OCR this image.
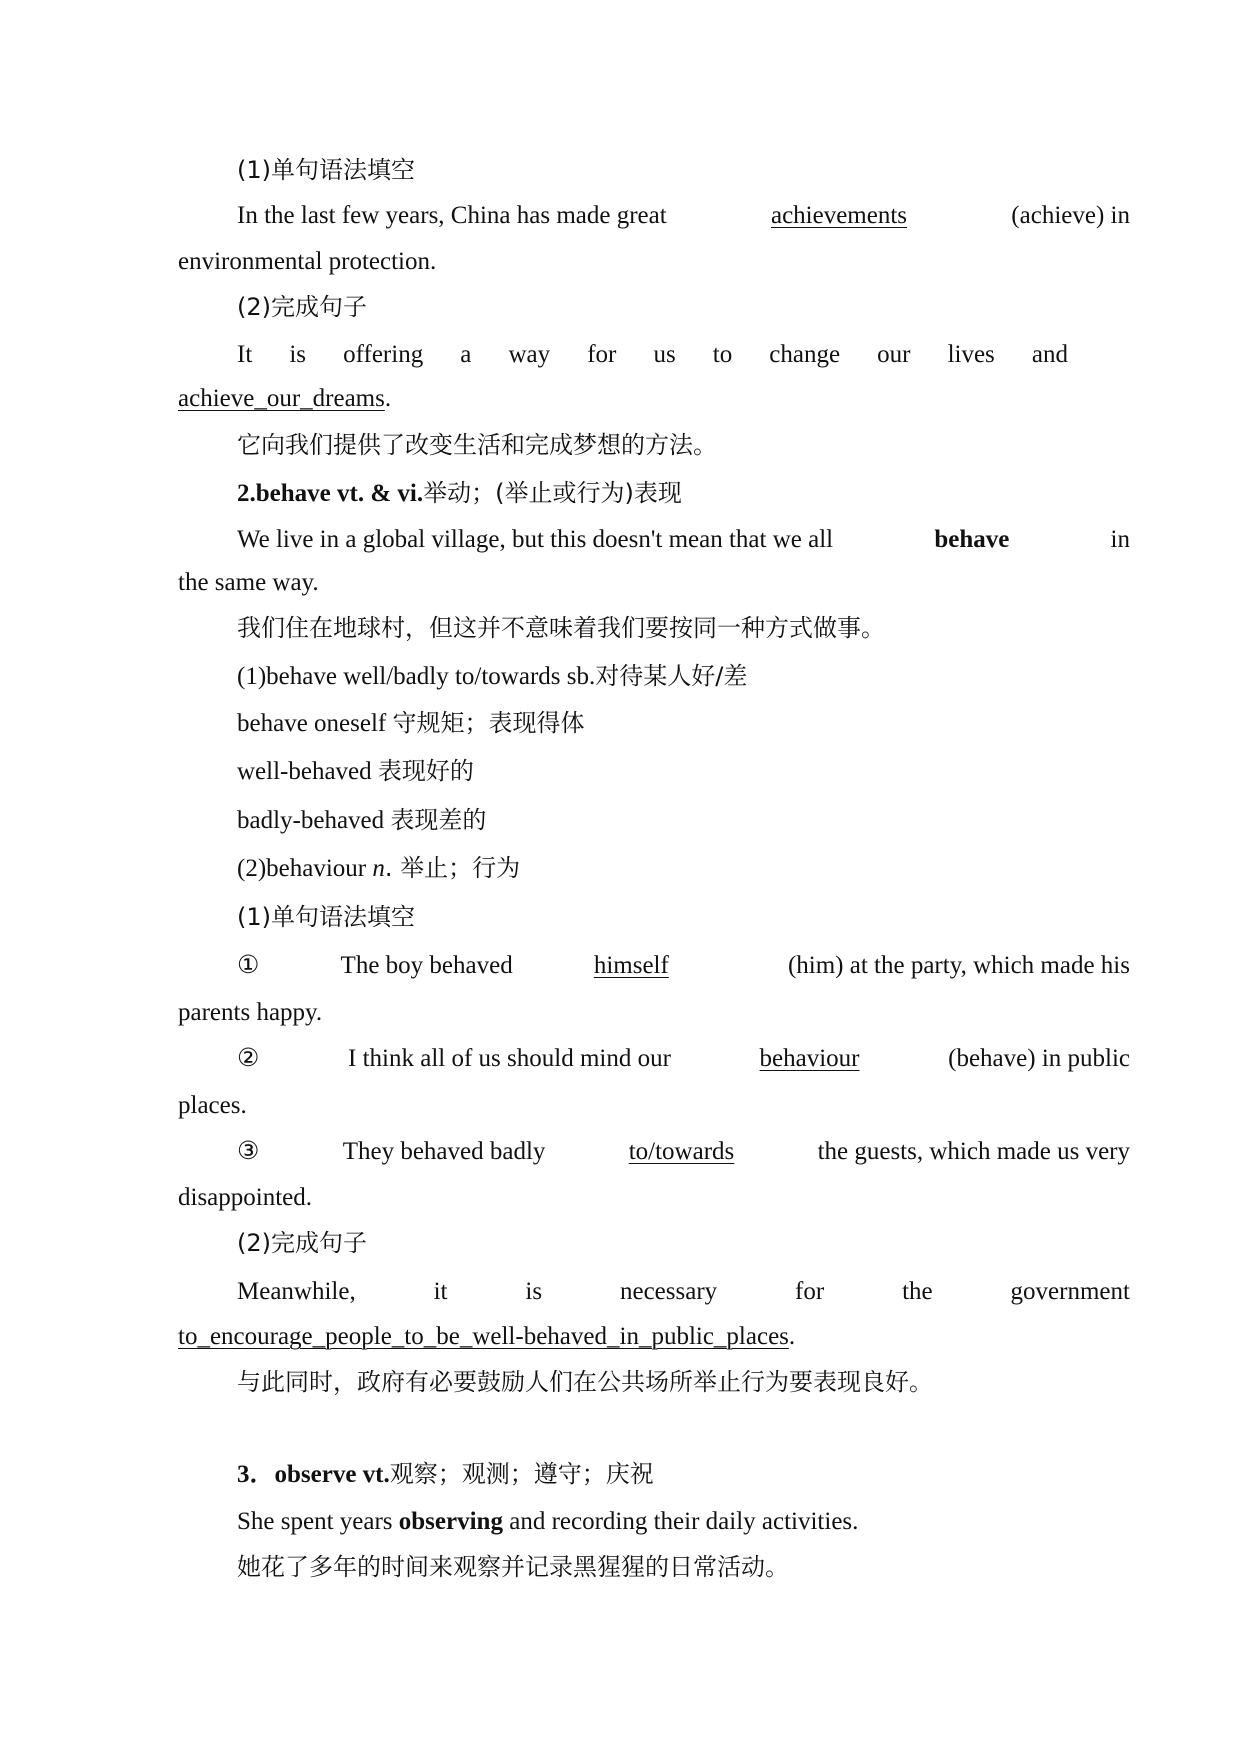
(1)单句语法填空
In the last few years, China has made great	achievements	(achieve) in
environmental protection.
(2)完成句子
It is offering a way for us to change our lives and
achieve_our_dreams.
它向我们提供了改变生活和完成梦想的方法。
2.behave vt. & vi.举动；(举止或行为)表现
We live in a global village, but this doesn't mean that we all	behave	in
the same way.
我们住在地球村，但这并不意味着我们要按同一种方式做事。
(1)behave well/badly to/towards sb.对待某人好/差
behave oneself 守规矩；表现得体
well-behaved 表现好的
badly-behaved 表现差的
(2)behaviour n. 举止；行为
(1)单句语法填空
①	The boy behaved	himself	(him) at the party, which made his
parents happy.
②	I think all of us should mind our	behaviour	(behave) in public
places.
③	They behaved badly	to/towards	the guests, which made us very
disappointed.
(2)完成句子
Meanwhile,	it	is	necessary	for	the	government
to_encourage_people_to_be_well-behaved_in_public_places.
与此同时，政府有必要鼓励人们在公共场所举止行为要表现良好。
3．observe vt.观察；观测；遵守；庆祝
She spent years observing and recording their daily activities.
她花了多年的时间来观察并记录黑猩猩的日常活动。
